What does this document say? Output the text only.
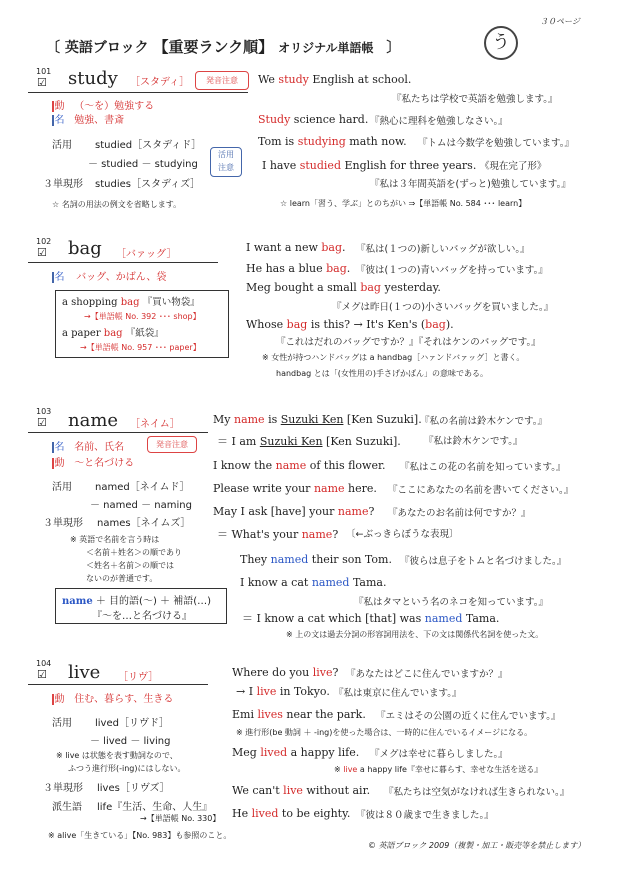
３０ページ
〔 英語ブロック 【重要ランク順】 オリジナル単語帳 〕	う
101
☑ study ［スタディ］	発音注意
動 （～を）勉強する
名 勉強、書斎
活用 studied［スタディド］
－ studied － studying
活用
注意
３単現形 studies［スタディズ］
☆ 名詞の用法の例文を省略します。
We study English at school.
『私たちは学校で英語を勉強します。』
Study science hard. 『熱心に理科を勉強しなさい。』
Tom is studying math now. 『トムは今数学を勉強しています。』
I have studied English for three years. 《現在完了形》
『私は３年間英語を(ずっと)勉強しています。』
☆ learn「習う、学ぶ」とのちがい ⇒【単語帳 No. 584 ･･･ learn】
102
☑ bag ［バァッグ］
名 バッグ、かばん、袋
a shopping bag 『買い物袋』
→【単語帳 No. 392 ･･･ shop】
a paper bag 『紙袋』
→【単語帳 No. 957 ･･･ paper】
I want a new bag. 『私は(１つの)新しいバッグが欲しい。』
He has a blue bag. 『彼は(１つの)青いバッグを持っています。』
Meg bought a small bag yesterday.
『メグは昨日(１つの)小さいバッグを買いました。』
Whose bag is this? → It's Ken's (bag).
『これはだれのバッグですか？』『それはケンのバッグです。』
※ 女性が持つハンドバッグは a handbag［ハァンドバァッグ］と書く。
handbag とは「(女性用の)手さげかばん」の意味である。
103
☑ name ［ネイム］
名 名前、氏名	発音注意
動 ～と名づける
活用 named［ネイムド］
－ named － naming
３単現形 names［ネイムズ］
※ 英語で名前を言う時は
＜名前＋姓名＞の順であり
＜姓名＋名前＞の順では
ないのが普通です。
name ＋ 目的語(～) ＋ 補語(…)
『～を…と名づける』
My name is Suzuki Ken [Ken Suzuki].
『私の名前は鈴木ケンです。』
＝ I am Suzuki Ken [Ken Suzuki]. 『私は鈴木ケンです。』
I know the name of this flower. 『私はこの花の名前を知っています。』
Please write your name here. 『ここにあなたの名前を書いてください。』
May I ask [have] your name? 『あなたのお名前は何ですか？』
＝ What's your name? 〔←ぶっきらぼうな表現〕
They named their son Tom. 『彼らは息子をトムと名づけました。』
I know a cat named Tama.
『私はタマという名のネコを知っています。』
＝ I know a cat which [that] was named Tama.
※ 上の文は過去分詞の形容詞用法を、下の文は関係代名詞を使った文。
104
☑ live ［リヴ］
動 住む、暮らす、生きる
活用 lived［リヴド］
－ lived － living
※ live は状態を表す動詞なので、
ふつう進行形(-ing)にはしない。
３単現形 lives［リヴズ］
派生語 life『生活、生命、人生』
→【単語帳 No. 330】
※ alive「生きている」【No. 983】も参照のこと。
Where do you live? 『あなたはどこに住んでいますか？』
→ I live in Tokyo. 『私は東京に住んでいます。』
Emi lives near the park. 『エミはその公園の近くに住んでいます。』
※ 進行形(be 動詞 ＋ -ing)を使った場合は、一時的に住んでいるイメージになる。
Meg lived a happy life. 『メグは幸せに暮らしました。』
※ live a happy life『幸せに暮らす、幸せな生活を送る』
We can't live without air. 『私たちは空気がなければ生きられない。』
He lived to be eighty. 『彼は８０歳まで生きました。』
© 英語ブロック 2009（複製・加工・販売等を禁止します）
